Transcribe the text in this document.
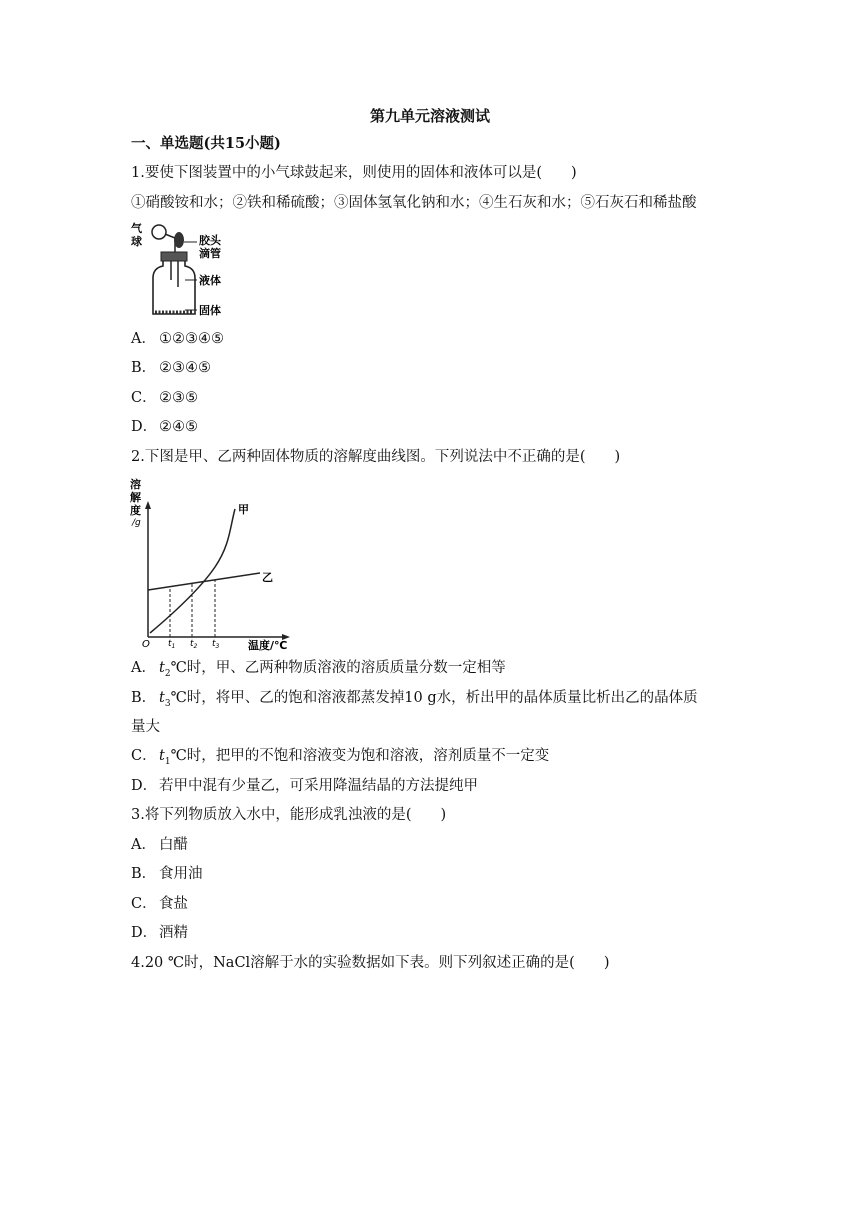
第九单元溶液测试
一、单选题(共15小题)
1.要使下图装置中的小气球鼓起来，则使用的固体和液体可以是(　　)
①硝酸铵和水；②铁和稀硫酸；③固体氢氧化钠和水；④生石灰和水；⑤石灰石和稀盐酸
气
球	胶头
滴管
液体
固体
A． ①②③④⑤
B． ②③④⑤
C． ②③⑤
D． ②④⑤
2.下图是甲、乙两种固体物质的溶解度曲线图。下列说法中不正确的是(　　)
溶
解
度
/g
温度/℃
O $t_1$ $t_2$ $t_3$
乙
甲
A． $t_2℃$时，甲、乙两种物质溶液的溶质质量分数一定相等
B． $t_3℃$时，将甲、乙的饱和溶液都蒸发掉10 g水，析出甲的晶体质量比析出乙的晶体质
量大
C． $t_1℃$时，把甲的不饱和溶液变为饱和溶液，溶剂质量不一定变
D． 若甲中混有少量乙，可采用降温结晶的方法提纯甲
3.将下列物质放入水中，能形成乳浊液的是(　　)
A． 白醋
B． 食用油
C． 食盐
D． 酒精
4.20 ℃时，NaCl溶解于水的实验数据如下表。则下列叙述正确的是(　　)
